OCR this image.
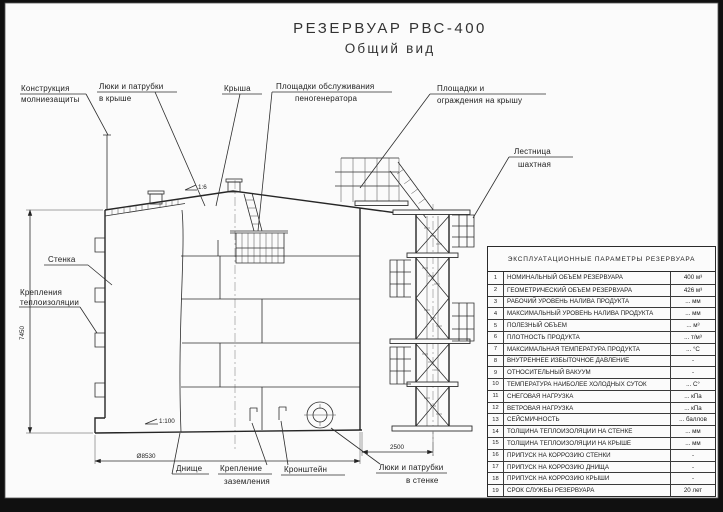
РЕЗЕРВУАР РВС-400
Общий вид
1:6
1:100
7450
Ø8530
2500
Конструкция
молниезащиты
Люки и патрубки
в крыше
Крыша	Площадки обслуживания
пеногенератора
Площадки и
ограждения на крышу
Лестница
шахтная
Стенка
Крепления
теплоизоляции
Днище Крепление
заземления
Кронштейн	Люки и патрубки
в стенке
ЭКСПЛУАТАЦИОННЫЕ ПАРАМЕТРЫ РЕЗЕРВУАРА
1	НОМИНАЛЬНЫЙ ОБЪЕМ РЕЗЕРВУАРА	400 м³
2	ГЕОМЕТРИЧЕСКИЙ ОБЪЕМ РЕЗЕРВУАРА	426 м³
3	РАБОЧИЙ УРОВЕНЬ НАЛИВА ПРОДУКТА	... мм
4	МАКСИМАЛЬНЫЙ УРОВЕНЬ НАЛИВА ПРОДУКТА	... мм
5	ПОЛЕЗНЫЙ ОБЪЕМ	... м³
6	ПЛОТНОСТЬ ПРОДУКТА	... т/м³
7	МАКСИМАЛЬНАЯ ТЕМПЕРАТУРА ПРОДУКТА	... °С
8	ВНУТРЕННЕЕ ИЗБЫТОЧНОЕ ДАВЛЕНИЕ	-
9	ОТНОСИТЕЛЬНЫЙ ВАКУУМ	-
10	ТЕМПЕРАТУРА НАИБОЛЕЕ ХОЛОДНЫХ СУТОК	... С°
11	СНЕГОВАЯ НАГРУЗКА	... кПа
12	ВЕТРОВАЯ НАГРУЗКА	... кПа
13	СЕЙСМИЧНОСТЬ	... баллов
14	ТОЛЩИНА ТЕПЛОИЗОЛЯЦИИ НА СТЕНКЕ	... мм
15	ТОЛЩИНА ТЕПЛОИЗОЛЯЦИИ НА КРЫШЕ	... мм
16	ПРИПУСК НА КОРРОЗИЮ СТЕНКИ	-
17	ПРИПУСК НА КОРРОЗИЮ ДНИЩА	-
18	ПРИПУСК НА КОРРОЗИЮ КРЫШИ	-
19	СРОК СЛУЖБЫ РЕЗЕРВУАРА	20 лет
